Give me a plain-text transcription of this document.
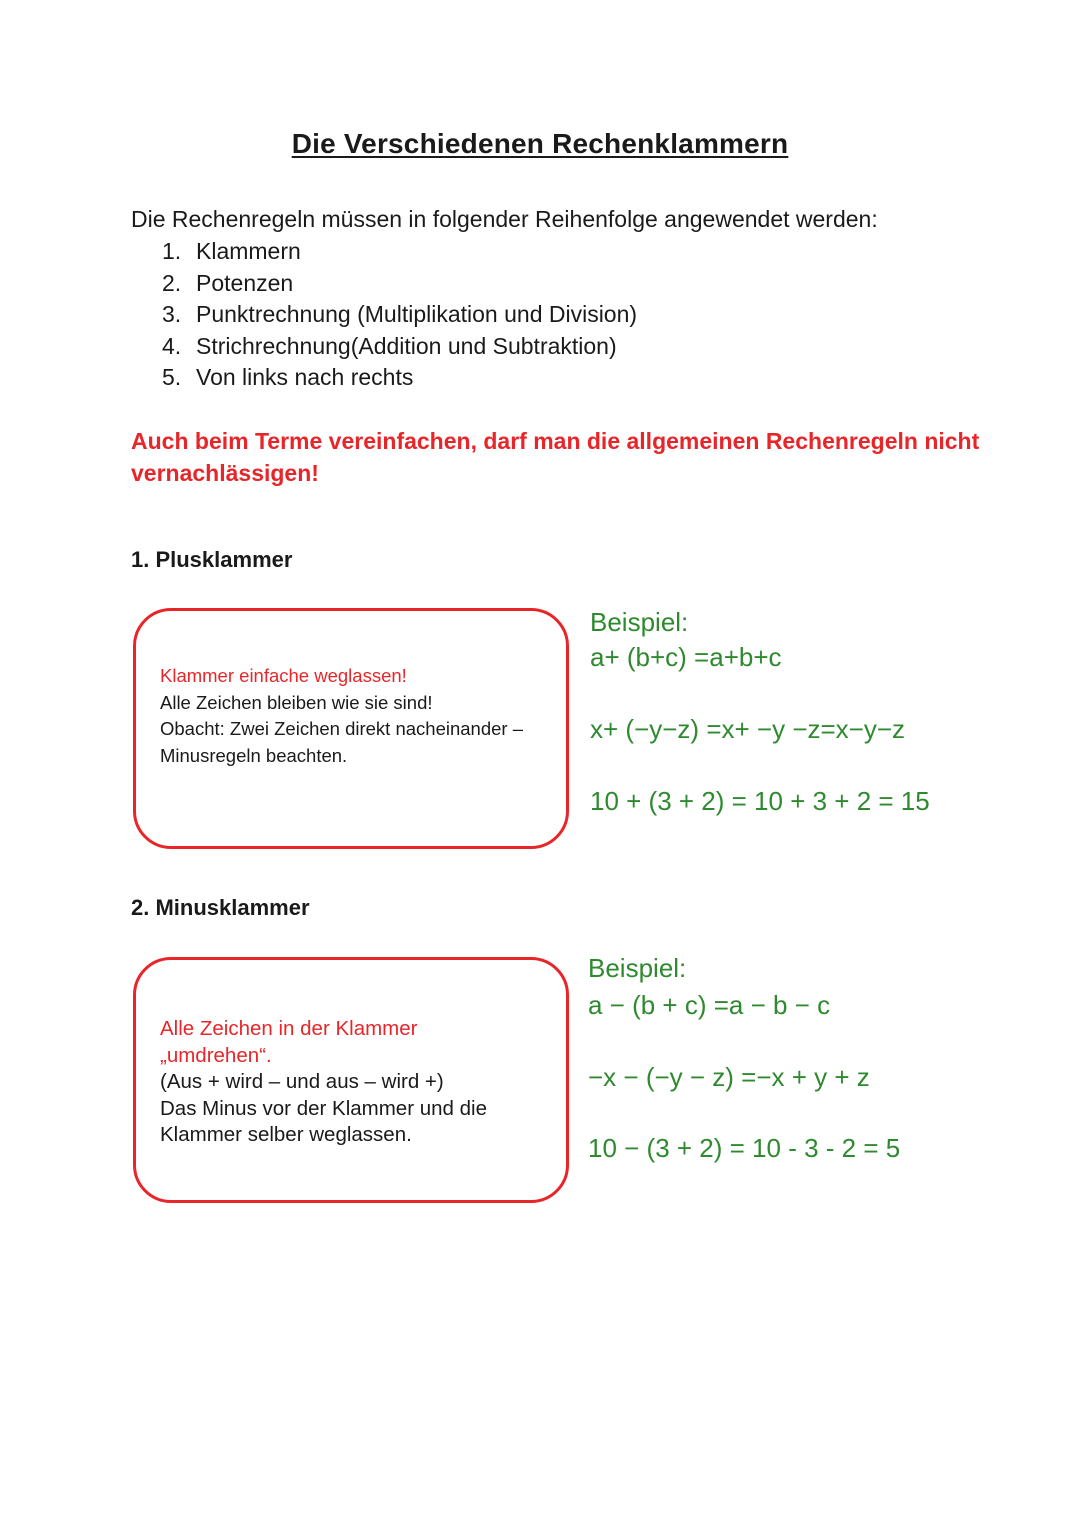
Die Verschiedenen Rechenklammern
Die Rechenregeln müssen in folgender Reihenfolge angewendet werden:
1. Klammern
2. Potenzen
3. Punktrechnung (Multiplikation und Division)
4. Strichrechnung(Addition und Subtraktion)
5. Von links nach rechts
Auch beim Terme vereinfachen, darf man die allgemeinen Rechenregeln nicht vernachlässigen!
1. Plusklammer
Klammer einfache weglassen!
Alle Zeichen bleiben wie sie sind!
Obacht: Zwei Zeichen direkt nacheinander –
Minusregeln beachten.
Beispiel:
a+ (b+c) =a+b+c
x+ (−y−z) =x+ −y −z=x−y−z
10 + (3 + 2) = 10 + 3 + 2 = 15
2. Minusklammer
Alle Zeichen in der Klammer
„umdrehen“.
(Aus + wird – und aus – wird +)
Das Minus vor der Klammer und die
Klammer selber weglassen.
Beispiel:
a − (b + c) =a − b − c
−x − (−y − z) =−x + y + z
10 − (3 + 2) = 10 - 3 - 2 = 5
